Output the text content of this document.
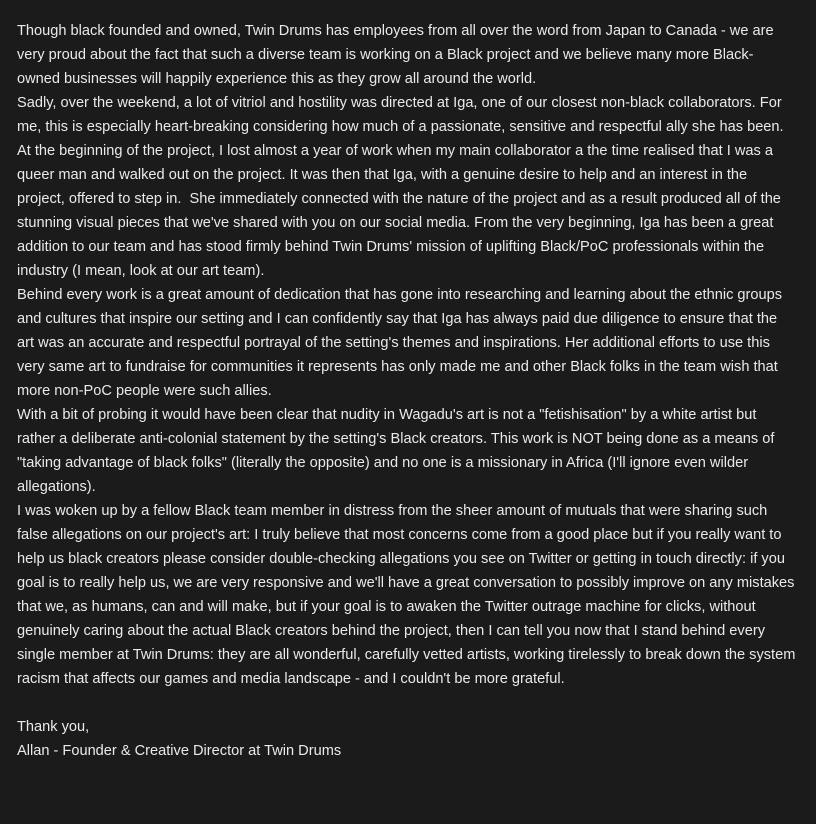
Though black founded and owned, Twin Drums has employees from all over the word from Japan to Canada - we are very proud about the fact that such a diverse team is working on a Black project and we believe many more Black-owned businesses will happily experience this as they grow all around the world.

Sadly, over the weekend, a lot of vitriol and hostility was directed at Iga, one of our closest non-black collaborators. For me, this is especially heart-breaking considering how much of a passionate, sensitive and respectful ally she has been. At the beginning of the project, I lost almost a year of work when my main collaborator a the time realised that I was a queer man and walked out on the project. It was then that Iga, with a genuine desire to help and an interest in the project, offered to step in.  She immediately connected with the nature of the project and as a result produced all of the stunning visual pieces that we've shared with you on our social media. From the very beginning, Iga has been a great addition to our team and has stood firmly behind Twin Drums' mission of uplifting Black/PoC professionals within the industry (I mean, look at our art team).

Behind every work is a great amount of dedication that has gone into researching and learning about the ethnic groups and cultures that inspire our setting and I can confidently say that Iga has always paid due diligence to ensure that the art was an accurate and respectful portrayal of the setting's themes and inspirations. Her additional efforts to use this very same art to fundraise for communities it represents has only made me and other Black folks in the team wish that more non-PoC people were such allies.

With a bit of probing it would have been clear that nudity in Wagadu's art is not a "fetishisation" by a white artist but rather a deliberate anti-colonial statement by the setting's Black creators. This work is NOT being done as a means of "taking advantage of black folks" (literally the opposite) and no one is a missionary in Africa (I'll ignore even wilder allegations).

I was woken up by a fellow Black team member in distress from the sheer amount of mutuals that were sharing such false allegations on our project's art: I truly believe that most concerns come from a good place but if you really want to help us black creators please consider double-checking allegations you see on Twitter or getting in touch directly: if you goal is to really help us, we are very responsive and we'll have a great conversation to possibly improve on any mistakes that we, as humans, can and will make, but if your goal is to awaken the Twitter outrage machine for clicks, without genuinely caring about the actual Black creators behind the project, then I can tell you now that I stand behind every single member at Twin Drums: they are all wonderful, carefully vetted artists, working tirelessly to break down the system racism that affects our games and media landscape - and I couldn't be more grateful.

Thank you,

Allan - Founder & Creative Director at Twin Drums
